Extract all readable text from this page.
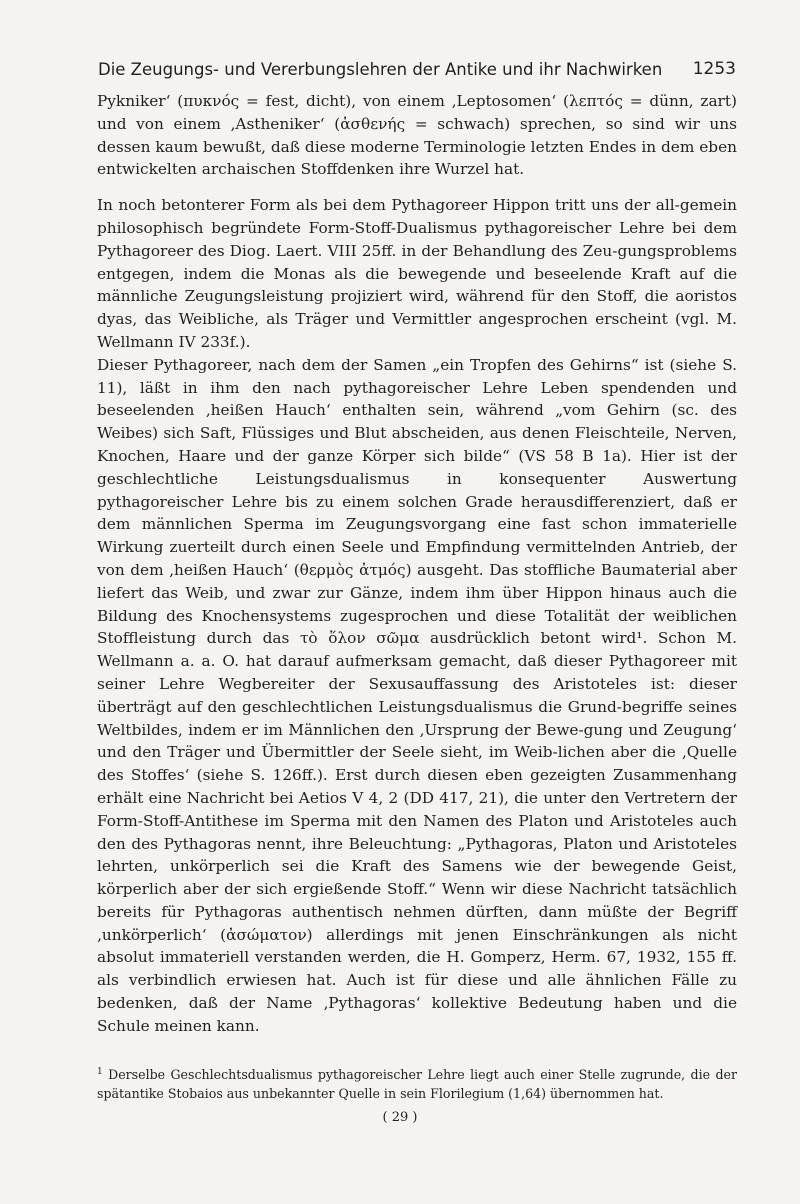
Die Zeugungs- und Vererbungslehren der Antike und ihr Nachwirken 1253

Pykniker‘ (πυκνός = fest, dicht), von einem ‚Leptosomen‘ (λεπτός = dünn, zart) und von einem ‚Astheniker‘ (ἀσθενής = schwach) sprechen, so sind wir uns dessen kaum bewußt, daß diese moderne Terminologie letzten Endes in dem eben entwickelten archaischen Stoffdenken ihre Wurzel hat.

In noch betonterer Form als bei dem Pythagoreer Hippon tritt uns der all-gemein philosophisch begründete Form-Stoff-Dualismus pythagoreischer Lehre bei dem Pythagoreer des Diog. Laert. VIII 25ff. in der Behandlung des Zeu-gungsproblems entgegen, indem die Monas als die bewegende und beseelende Kraft auf die männliche Zeugungsleistung projiziert wird, während für den Stoff, die aoristos dyas, das Weibliche, als Träger und Vermittler angesprochen erscheint (vgl. M. Wellmann IV 233f.).

Dieser Pythagoreer, nach dem der Samen „ein Tropfen des Gehirns“ ist (siehe S. 11), läßt in ihm den nach pythagoreischer Lehre Leben spendenden und beseelenden ‚heißen Hauch‘ enthalten sein, während „vom Gehirn (sc. des Weibes) sich Saft, Flüssiges und Blut abscheiden, aus denen Fleischteile, Nerven, Knochen, Haare und der ganze Körper sich bilde“ (VS 58 B 1a). Hier ist der geschlechtliche Leistungsdualismus in konsequenter Auswertung pythagoreischer Lehre bis zu einem solchen Grade herausdifferenziert, daß er dem männlichen Sperma im Zeugungsvorgang eine fast schon immaterielle Wirkung zuerteilt durch einen Seele und Empfindung vermittelnden Antrieb, der von dem ‚heißen Hauch‘ (θερμὸς ἀτμός) ausgeht. Das stoffliche Baumaterial aber liefert das Weib, und zwar zur Gänze, indem ihm über Hippon hinaus auch die Bildung des Knochensystems zugesprochen und diese Totalität der weiblichen Stoffleistung durch das τὸ ὅλον σῶμα ausdrücklich betont wird¹. Schon M. Wellmann a. a. O. hat darauf aufmerksam gemacht, daß dieser Pythagoreer mit seiner Lehre Wegbereiter der Sexusauffassung des Aristoteles ist: dieser überträgt auf den geschlechtlichen Leistungsdualismus die Grund-begriffe seines Weltbildes, indem er im Männlichen den ‚Ursprung der Bewe-gung und Zeugung‘ und den Träger und Übermittler der Seele sieht, im Weib-lichen aber die ‚Quelle des Stoffes‘ (siehe S. 126ff.). Erst durch diesen eben gezeigten Zusammenhang erhält eine Nachricht bei Aetios V 4, 2 (DD 417, 21), die unter den Vertretern der Form-Stoff-Antithese im Sperma mit den Namen des Platon und Aristoteles auch den des Pythagoras nennt, ihre Beleuchtung: „Pythagoras, Platon und Aristoteles lehrten, unkörperlich sei die Kraft des Samens wie der bewegende Geist, körperlich aber der sich ergießende Stoff.“ Wenn wir diese Nachricht tatsächlich bereits für Pythagoras authentisch nehmen dürften, dann müßte der Begriff ‚unkörperlich‘ (ἀσώματον) allerdings mit jenen Einschränkungen als nicht absolut immateriell verstanden werden, die H. Gomperz, Herm. 67, 1932, 155 ff. als verbindlich erwiesen hat. Auch ist für diese und alle ähnlichen Fälle zu bedenken, daß der Name ‚Pythagoras‘ kollektive Bedeutung haben und die Schule meinen kann.

$^1$ Derselbe Geschlechtsdualismus pythagoreischer Lehre liegt auch einer Stelle zugrunde, die der spätantike Stobaios aus unbekannter Quelle in sein Florilegium (1,64) übernommen hat.
( 29 )
